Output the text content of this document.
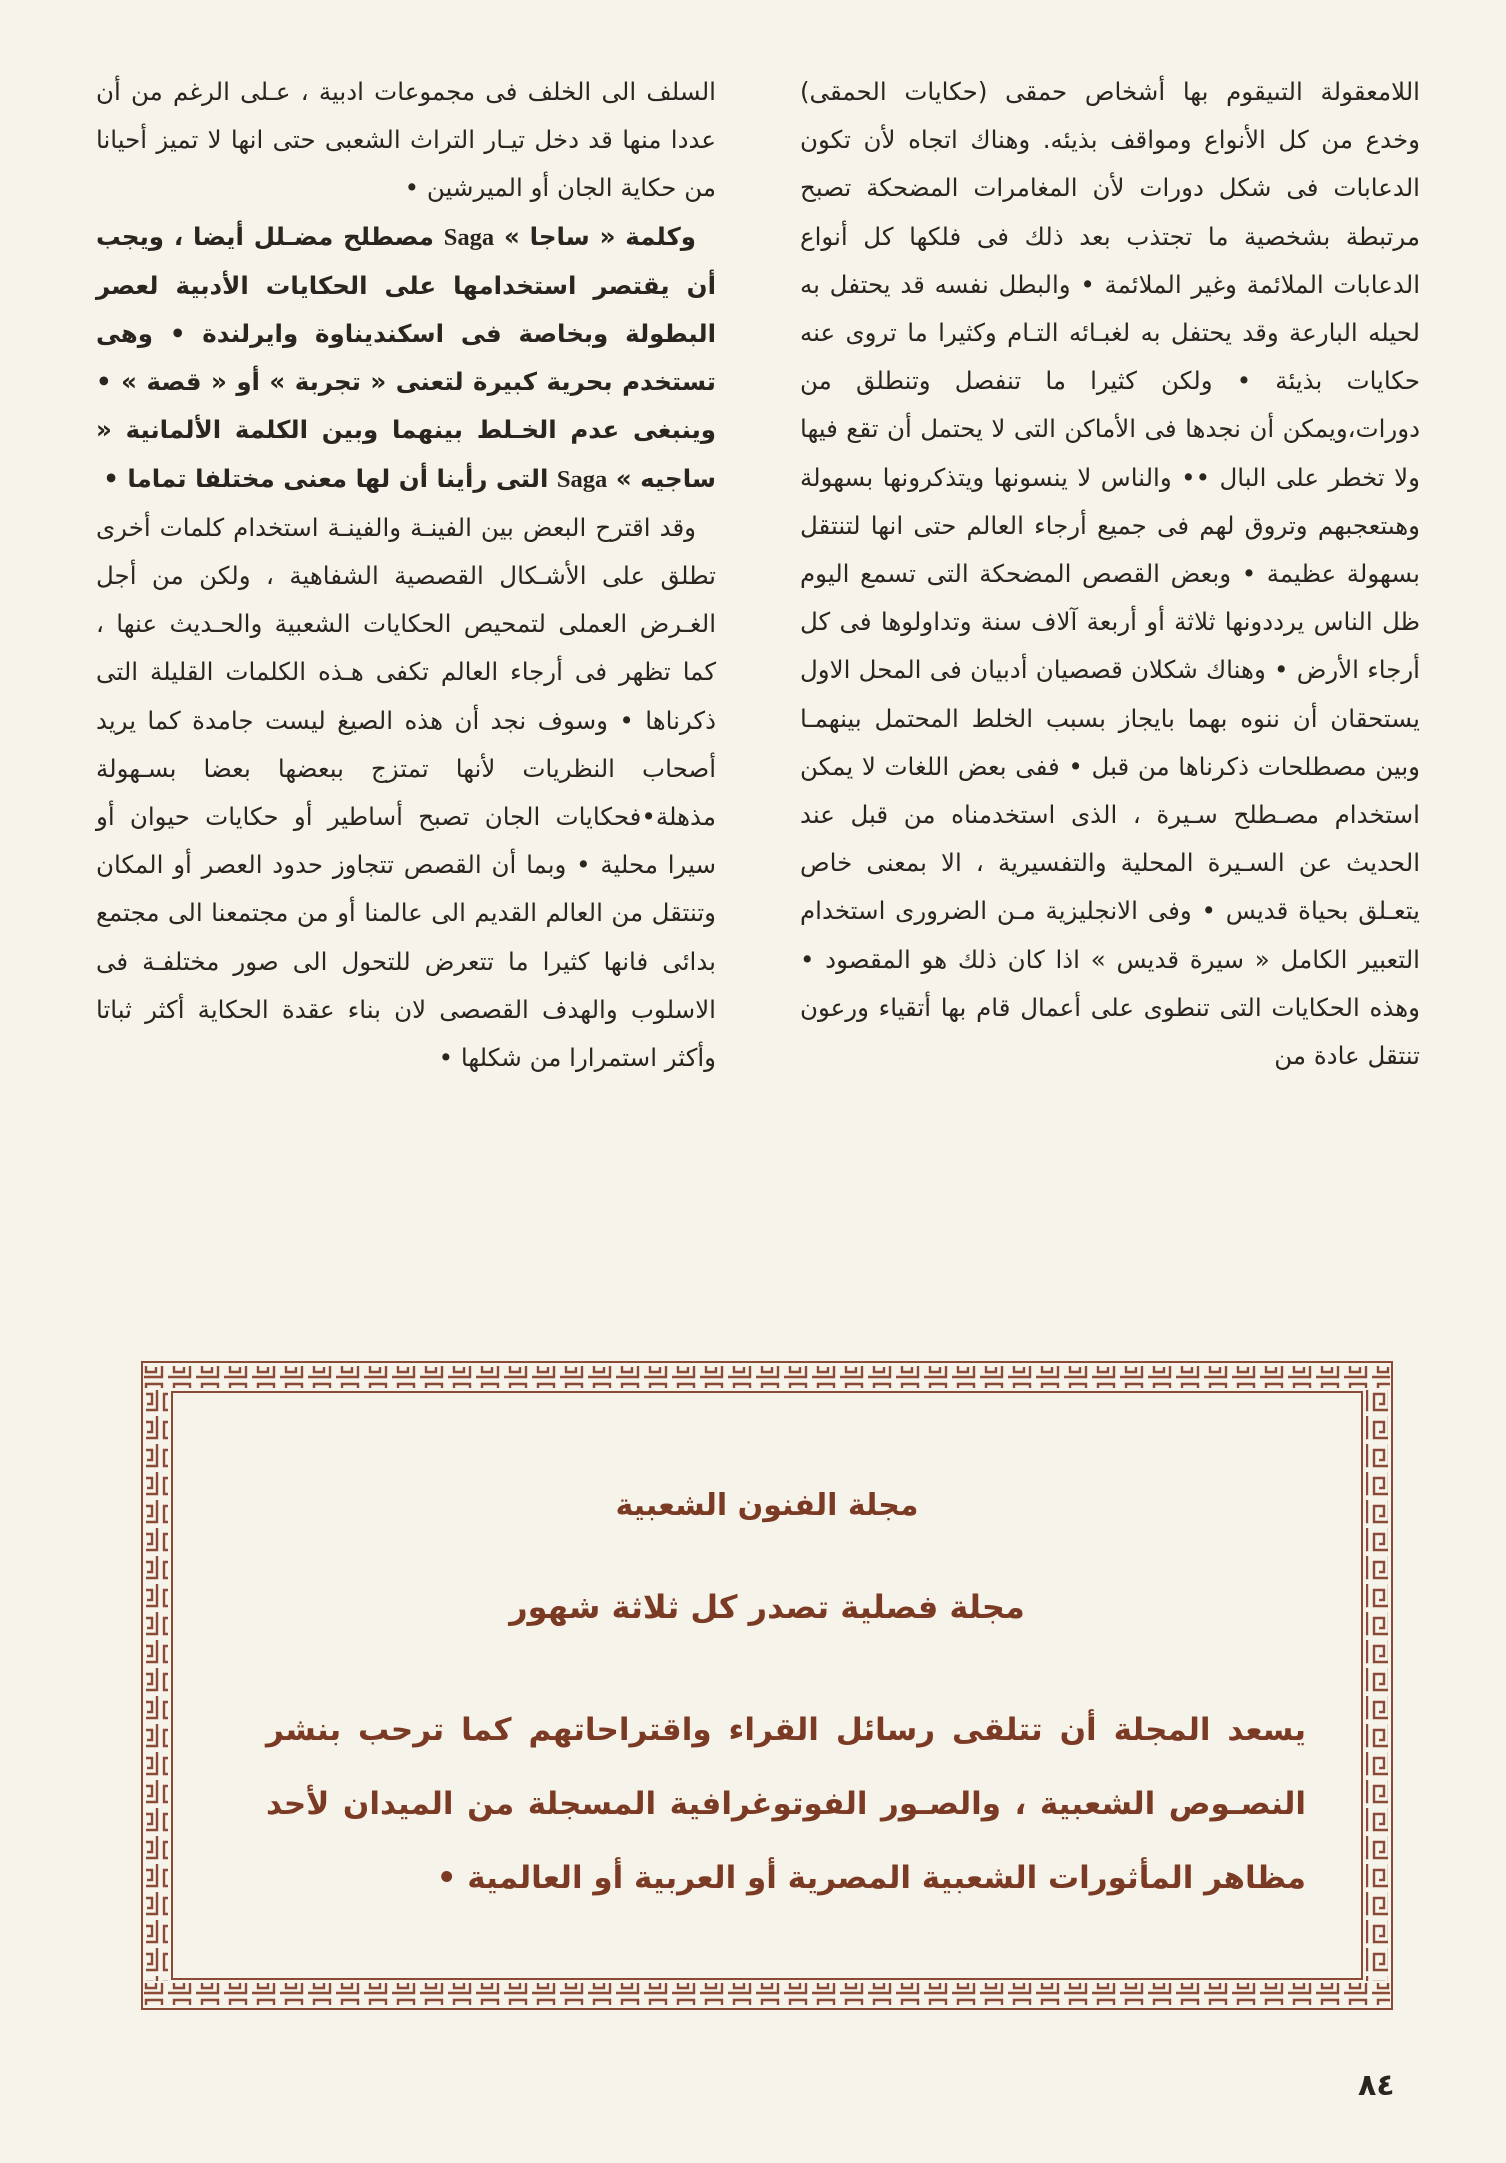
اللامعقولة التىيقوم بها أشخاص حمقى (حكايات الحمقى) وخدع من كل الأنواع ومواقف بذيئه. وهناك اتجاه لأن تكون الدعابات فى شكل دورات لأن المغامرات المضحكة تصبح مرتبطة بشخصية ما تجتذب بعد ذلك فى فلكها كل أنواع الدعابات الملائمة وغير الملائمة • والبطل نفسه قد يحتفل به لحيله البارعة وقد يحتفل به لغبـائه التـام وكثيرا ما تروى عنه حكايات بذيئة • ولكن كثيرا ما تنفصل وتنطلق من دورات،ويمكن أن نجدها فى الأماكن التى لا يحتمل أن تقع فيها ولا تخطر على البال •• والناس لا ينسونها ويتذكرونها بسهولة وهىتعجبهم وتروق لهم فى جميع أرجاء العالم حتى انها لتنتقل بسهولة عظيمة • وبعض القصص المضحكة التى تسمع اليوم ظل الناس يرددونها ثلاثة أو أربعة آلاف سنة وتداولوها فى كل أرجاء الأرض • وهناك شكلان قصصيان أدبيان فى المحل الاول يستحقان أن ننوه بهما بايجاز بسبب الخلط المحتمل بينهمـا وبين مصطلحات ذكرناها من قبل • ففى بعض اللغات لا يمكن استخدام مصـطلح سـيرة ، الذى استخدمناه من قبل عند الحديث عن السـيرة المحلية والتفسيرية ، الا بمعنى خاص يتعـلق بحياة قديس • وفى الانجليزية مـن الضرورى استخدام التعبير الكامل « سيرة قديس » اذا كان ذلك هو المقصود • وهذه الحكايات التى تنطوى على أعمال قام بها أتقياء ورعون تنتقل عادة من

السلف الى الخلف فى مجموعات ادبية ، عـلى الرغم من أن عددا منها قد دخل تيـار التراث الشعبى حتى انها لا تميز أحيانا من حكاية الجان أو الميرشين •

وكلمة « ساجا » Saga مصطلح مضـلل أيضا ، ويجب أن يقتصر استخدامها على الحكايات الأدبية لعصر البطولة وبخاصة فى اسكنديناوة وايرلندة • وهى تستخدم بحرية كبيرة لتعنى « تجربة » أو « قصة » • وينبغى عدم الخـلط بينهما وبين الكلمة الألمانية « ساجيه » Saga التى رأينا أن لها معنى مختلفا تماما •

وقد اقترح البعض بين الفينـة والفينـة استخدام كلمات أخرى تطلق على الأشـكال القصصية الشفاهية ، ولكن من أجل الغـرض العملى لتمحيص الحكايات الشعبية والحـديث عنها ، كما تظهر فى أرجاء العالم تكفى هـذه الكلمات القليلة التى ذكرناها • وسوف نجد أن هذه الصيغ ليست جامدة كما يريد أصحاب النظريات لأنها تمتزج ببعضها بعضا بسـهولة مذهلة•فحكايات الجان تصبح أساطير أو حكايات حيوان أو سيرا محلية • وبما أن القصص تتجاوز حدود العصر أو المكان وتنتقل من العالم القديم الى عالمنا أو من مجتمعنا الى مجتمع بدائى فانها كثيرا ما تتعرض للتحول الى صور مختلفـة فى الاسلوب والهدف القصصى لان بناء عقدة الحكاية أكثر ثباتا وأكثر استمرارا من شكلها •

مجلة الفنون الشعبية
مجلة فصلية تصدر كل ثلاثة شهور
يسعد المجلة أن تتلقى رسائل القراء واقتراحاتهم كما ترحب بنشر النصـوص الشعبية ، والصـور الفوتوغرافية المسجلة من الميدان لأحد مظاهر المأثورات الشعبية المصرية أو العربية أو العالمية •
٨٤
